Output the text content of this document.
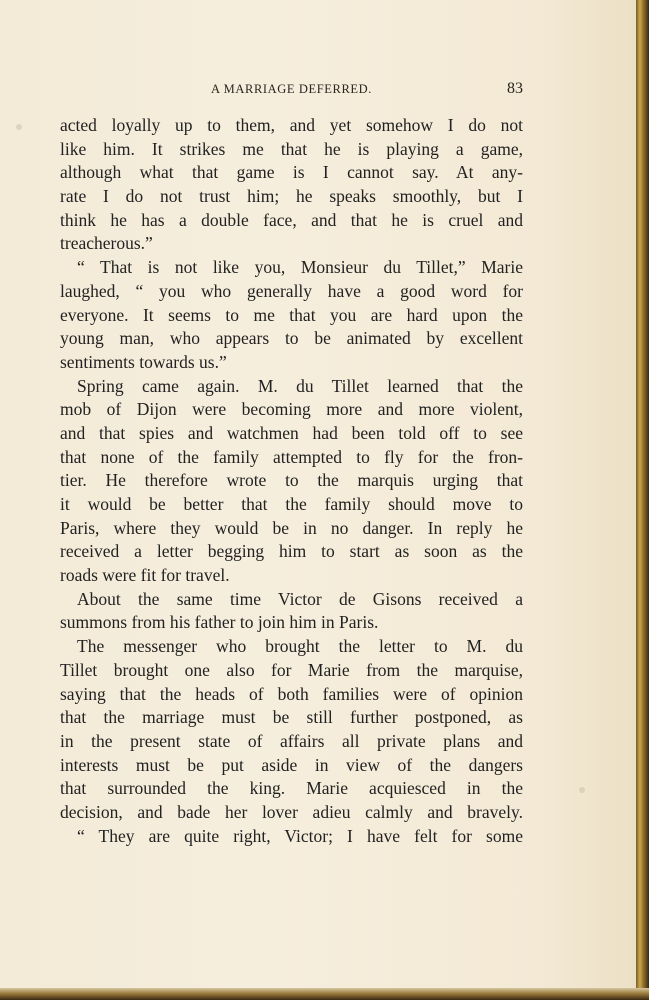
A MARRIAGE DEFERRED.	83
acted loyally up to them, and yet somehow I do not
like him. It strikes me that he is playing a game,
although what that game is I cannot say. At any-
rate I do not trust him; he speaks smoothly, but I
think he has a double face, and that he is cruel and
treacherous.”
“ That is not like you, Monsieur du Tillet,” Marie
laughed, “ you who generally have a good word for
everyone. It seems to me that you are hard upon the
young man, who appears to be animated by excellent
sentiments towards us.”
Spring came again. M. du Tillet learned that the
mob of Dijon were becoming more and more violent,
and that spies and watchmen had been told off to see
that none of the family attempted to fly for the fron-
tier. He therefore wrote to the marquis urging that
it would be better that the family should move to
Paris, where they would be in no danger. In reply he
received a letter begging him to start as soon as the
roads were fit for travel.
About the same time Victor de Gisons received a
summons from his father to join him in Paris.
The messenger who brought the letter to M. du
Tillet brought one also for Marie from the marquise,
saying that the heads of both families were of opinion
that the marriage must be still further postponed, as
in the present state of affairs all private plans and
interests must be put aside in view of the dangers
that surrounded the king. Marie acquiesced in the
decision, and bade her lover adieu calmly and bravely.
“ They are quite right, Victor; I have felt for some
